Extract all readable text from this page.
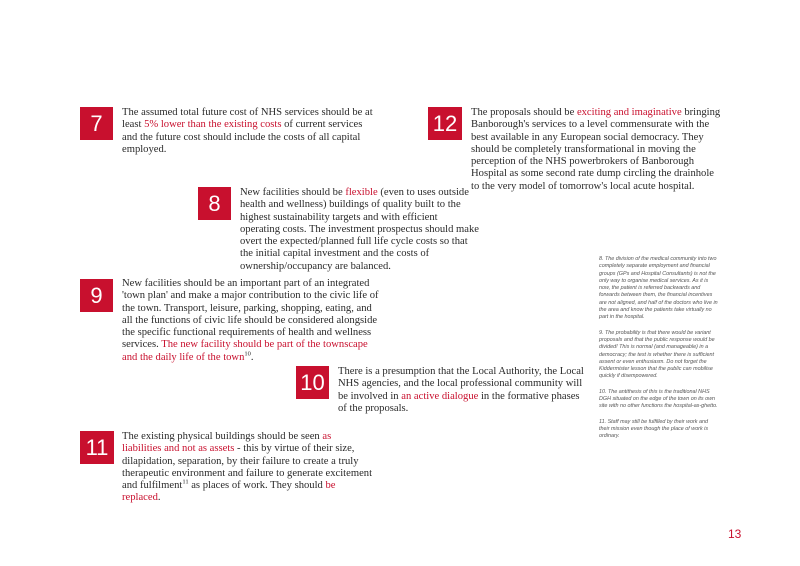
7	The assumed total future cost of NHS services should be at least 5% lower than the existing costs of current services and the future cost should include the costs of all capital employed.

12	The proposals should be exciting and imaginative bringing Banborough's services to a level commensurate with the best available in any European social democracy. They should be completely transformational in moving the perception of the NHS powerbrokers of Banborough Hospital as some second rate dump circling the drainhole to the very model of tomorrow's local acute hospital.

8	New facilities should be flexible (even to uses outside health and wellness) buildings of quality built to the highest sustainability targets and with efficient operating costs. The investment prospectus should make overt the expected/planned full life cycle costs so that the initial capital investment and the costs of ownership/occupancy are balanced.

9	New facilities should be an important part of an integrated 'town plan' and make a major contribution to the civic life of the town. Transport, leisure, parking, shopping, eating, and all the functions of civic life should be considered alongside the specific functional requirements of health and wellness services. The new facility should be part of the townscape and the daily life of the town$^{10}$.

10	There is a presumption that the Local Authority, the Local NHS agencies, and the local professional community will be involved in an active dialogue in the formative phases of the proposals.

11	The existing physical buildings should be seen as liabilities and not as assets - this by virtue of their size, dilapidation, separation, by their failure to create a truly therapeutic environment and failure to generate excitement and fulfilment$^{11}$ as places of work. They should be replaced.

8. The division of the medical community into two completely separate employment and financial groups (GPs and Hospital Consultants) is not the only way to organise medical services. As it is now, the patient is referred backwards and forwards between them, the financial incentives are not aligned, and half of the doctors who live in the area and know the patients take virtually no part in the hospital.

9. The probability is that there would be variant proposals and that the public response would be divided! This is normal (and manageable) in a democracy; the test is whether there is sufficient assent or even enthusiasm. Do not forget the Kiddermister lesson that the public can mobilise quickly if disempowered.

10. The antithesis of this is the traditional NHS DGH situated on the edge of the town on its own site with no other functions the hospital-as-ghetto.

11. Staff may still be fulfilled by their work and their mission even though the place of work is ordinary.

13
